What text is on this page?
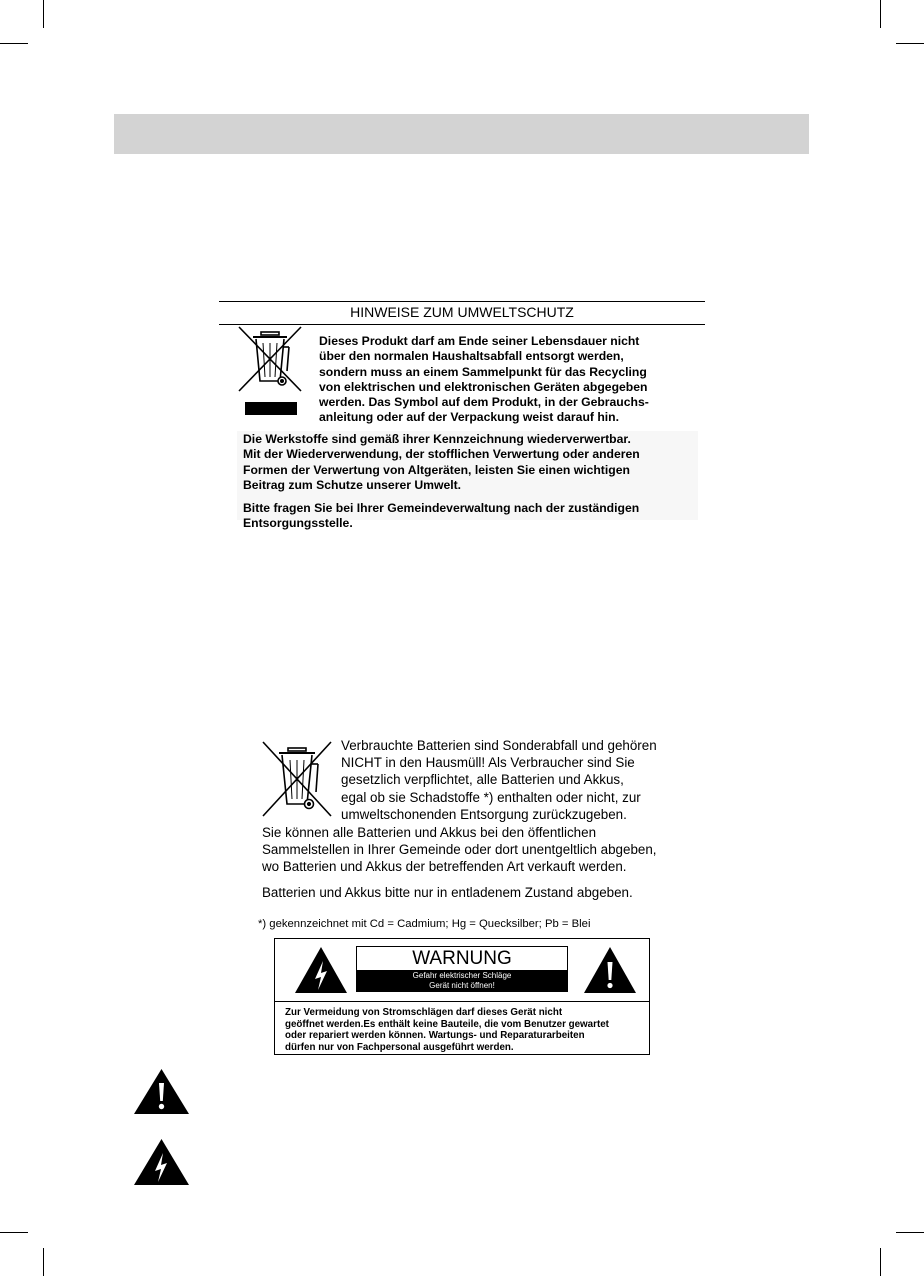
HINWEISE ZUM UMWELTSCHUTZ

Dieses Produkt darf am Ende seiner Lebensdauer nicht
über den normalen Haushaltsabfall entsorgt werden,
sondern muss an einem Sammelpunkt für das Recycling
von elektrischen und elektronischen Geräten abgegeben
werden. Das Symbol auf dem Produkt, in der Gebrauchs-
anleitung oder auf der Verpackung weist darauf hin.

Die Werkstoffe sind gemäß ihrer Kennzeichnung wiederverwertbar.
Mit der Wiederverwendung, der stofflichen Verwertung oder anderen
Formen der Verwertung von Altgeräten, leisten Sie einen wichtigen
Beitrag zum Schutze unserer Umwelt.

Bitte fragen Sie bei Ihrer Gemeindeverwaltung nach der zuständigen
Entsorgungsstelle.

Verbrauchte Batterien sind Sonderabfall und gehören
NICHT in den Hausmüll! Als Verbraucher sind Sie
gesetzlich verpflichtet, alle Batterien und Akkus,
egal ob sie Schadstoffe *) enthalten oder nicht, zur
umweltschonenden Entsorgung zurückzugeben.

Sie können alle Batterien und Akkus bei den öffentlichen
Sammelstellen in Ihrer Gemeinde oder dort unentgeltlich abgeben,
wo Batterien und Akkus der betreffenden Art verkauft werden.

Batterien und Akkus bitte nur in entladenem Zustand abgeben.

*) gekennzeichnet mit Cd = Cadmium; Hg = Quecksilber; Pb = Blei
WARNUNG
Gefahr elektrischer Schläge
Gerät nicht öffnen!

Zur Vermeidung von Stromschlägen darf dieses Gerät nicht
geöffnet werden.Es enthält keine Bauteile, die vom Benutzer gewartet
oder repariert werden können. Wartungs- und Reparaturarbeiten
dürfen nur von Fachpersonal ausgeführt werden.
